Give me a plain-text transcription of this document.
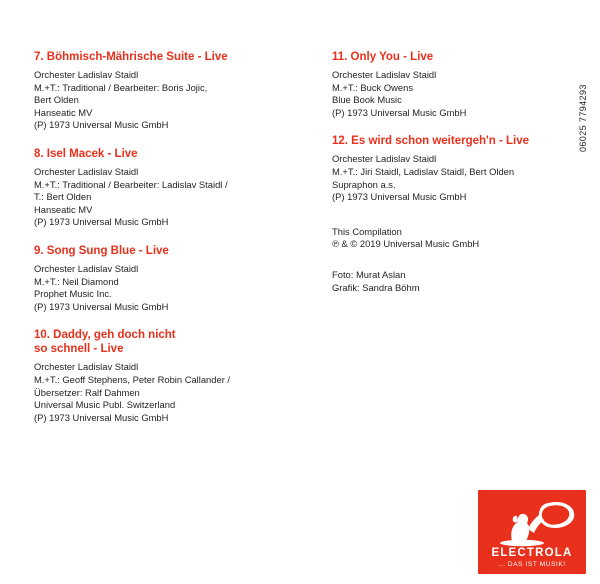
06025 7794293
7. Böhmisch-Mährische Suite - Live
Orchester Ladislav Staidl
M.+T.: Traditional / Bearbeiter: Boris Jojic,
Bert Olden
Hanseatic MV
(P) 1973 Universal Music GmbH
8. Isel Macek - Live
Orchester Ladislav Staidl
M.+T.: Traditional / Bearbeiter: Ladislav Staidl /
T.: Bert Olden
Hanseatic MV
(P) 1973 Universal Music GmbH
9. Song Sung Blue - Live
Orchester Ladislav Staidl
M.+T.: Neil Diamond
Prophet Music Inc.
(P) 1973 Universal Music GmbH
10. Daddy, geh doch nicht
so schnell - Live
Orchester Ladislav Staidl
M.+T.: Geoff Stephens, Peter Robin Callander /
Übersetzer: Ralf Dahmen
Universal Music Publ. Switzerland
(P) 1973 Universal Music GmbH
11. Only You - Live
Orchester Ladislav Staidl
M.+T.: Buck Owens
Blue Book Music
(P) 1973 Universal Music GmbH
12. Es wird schon weitergeh'n - Live
Orchester Ladislav Staidl
M.+T.: Jiri Staidl, Ladislav Staidl, Bert Olden
Supraphon a.s.
(P) 1973 Universal Music GmbH
This Compilation
℗ & © 2019 Universal Music GmbH
Foto: Murat Aslan
Grafik: Sandra Böhm
ELECTROLA
... DAS IST MUSIK!
